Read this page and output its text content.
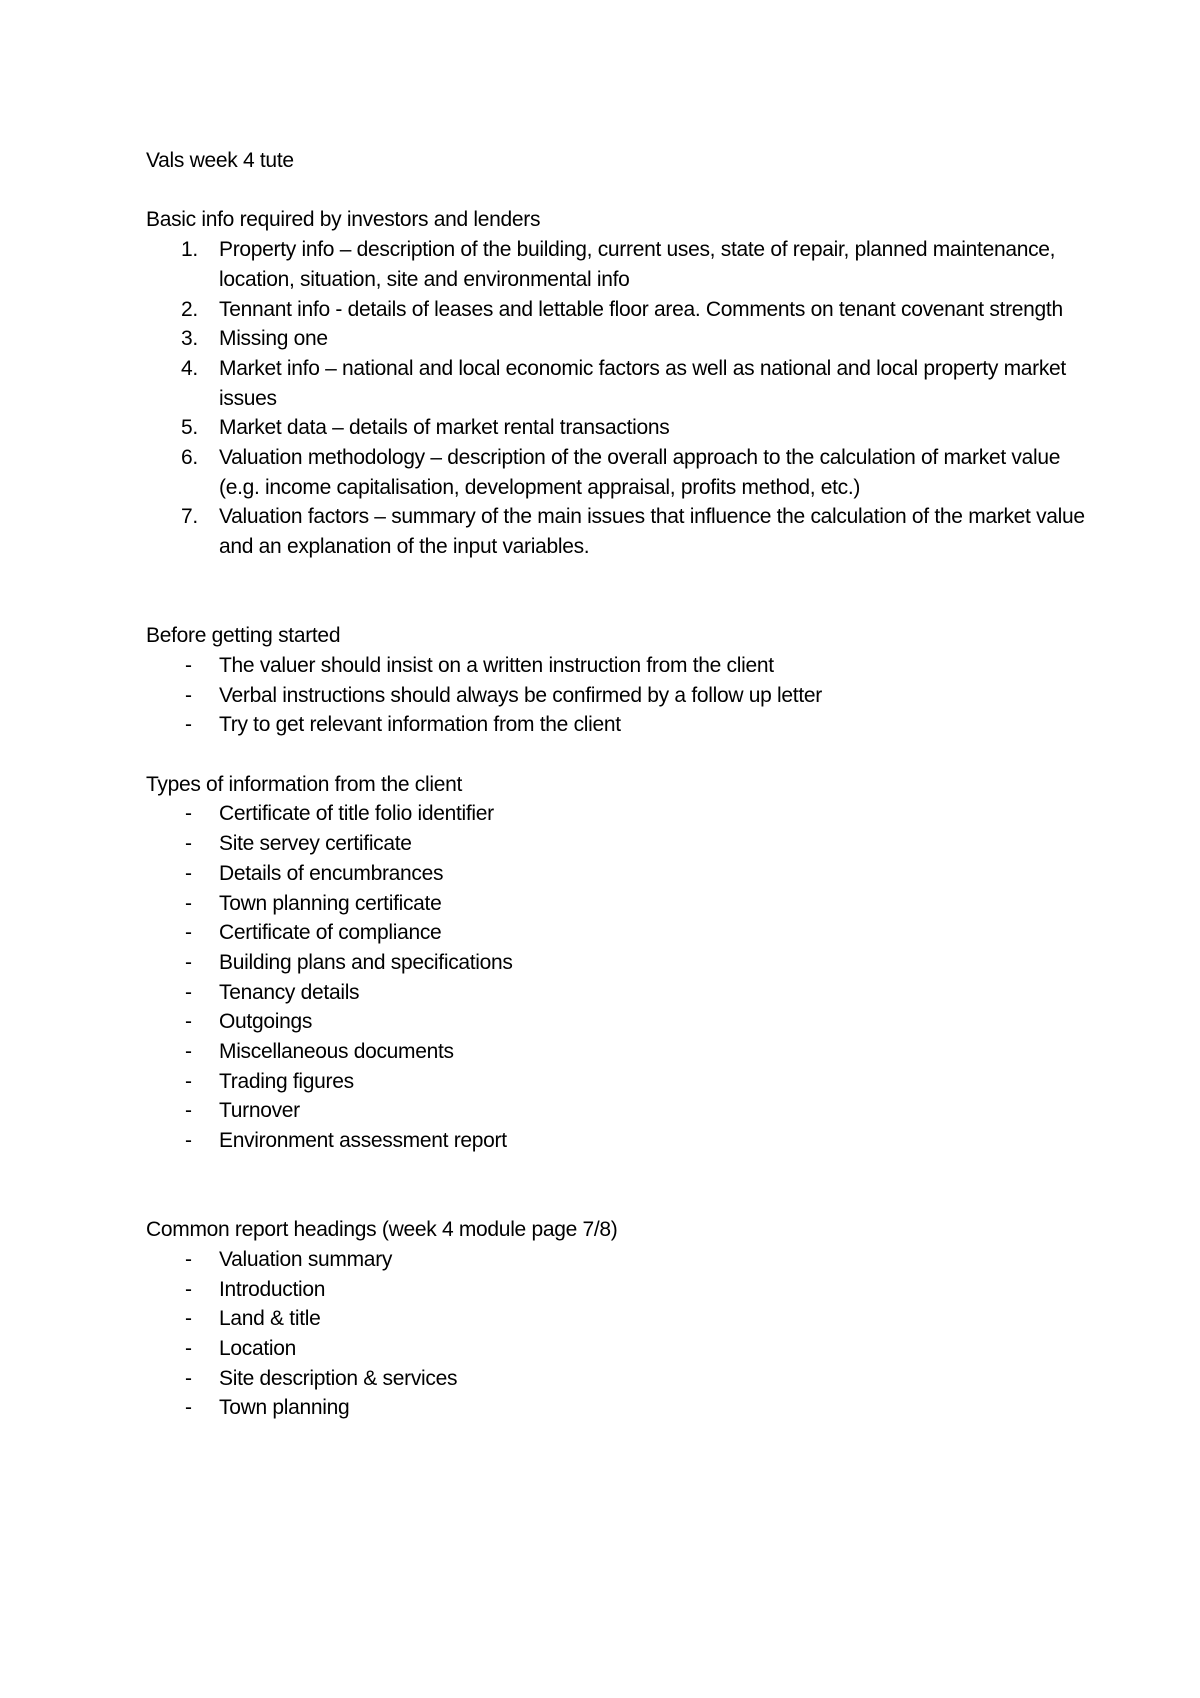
Vals week 4 tute

Basic info required by investors and lenders

1.	Property info – description of the building, current uses, state of repair, planned maintenance, location, situation, site and environmental info
2.	Tennant info - details of leases and lettable floor area. Comments on tenant covenant strength
3.	Missing one
4.	Market info – national and local economic factors as well as national and local property market issues
5.	Market data – details of market rental transactions
6.	Valuation methodology – description of the overall approach to the calculation of market value (e.g. income capitalisation, development appraisal, profits method, etc.)
7.	Valuation factors – summary of the main issues that influence the calculation of the market value and an explanation of the input variables.

Before getting started

- The valuer should insist on a written instruction from the client
- Verbal instructions should always be confirmed by a follow up letter
- Try to get relevant information from the client

Types of information from the client

- Certificate of title folio identifier
- Site servey certificate
- Details of encumbrances
- Town planning certificate
- Certificate of compliance
- Building plans and specifications
- Tenancy details
- Outgoings
- Miscellaneous documents
- Trading figures
- Turnover
- Environment assessment report

Common report headings (week 4 module page 7/8)

- Valuation summary
- Introduction
- Land & title
- Location
- Site description & services
- Town planning
